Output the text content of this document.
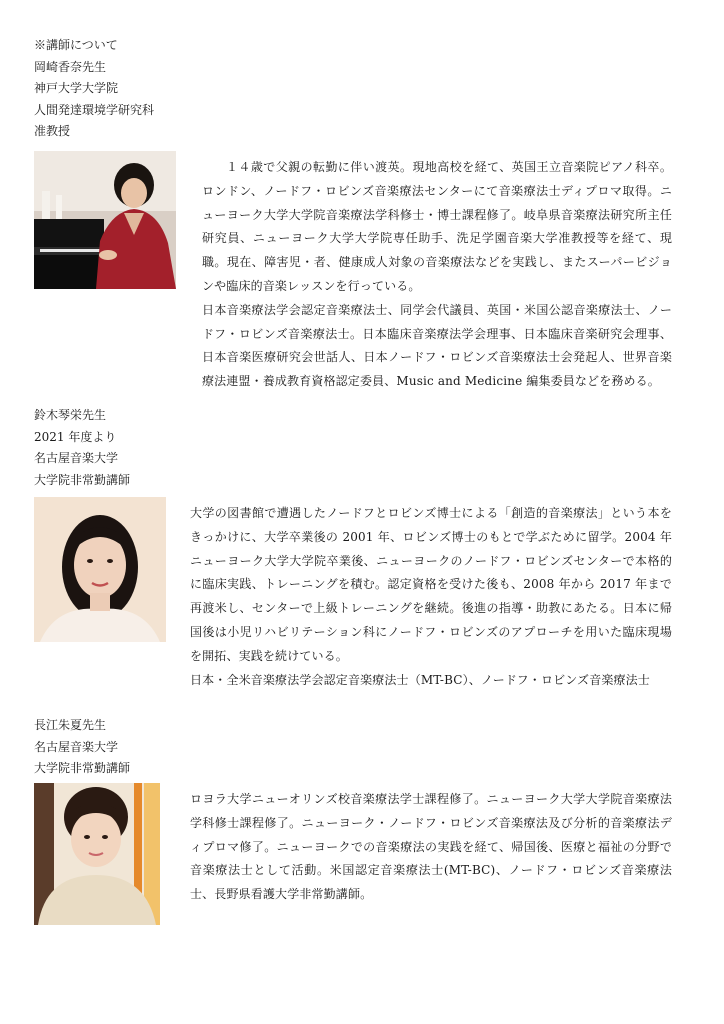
※講師について
岡崎香奈先生
神戸大学大学院
人間発達環境学研究科
准教授

１４歳で父親の転勤に伴い渡英。現地高校を経て、英国王立音楽院ピアノ科卒。ロンドン、ノードフ・ロビンズ音楽療法センターにて音楽療法士ディプロマ取得。ニューヨーク大学大学院音楽療法学科修士・博士課程修了。岐阜県音楽療法研究所主任研究員、ニューヨーク大学大学院専任助手、洗足学園音楽大学准教授等を経て、現職。現在、障害児・者、健康成人対象の音楽療法などを実践し、またスーパービジョンや臨床的音楽レッスンを行っている。

日本音楽療法学会認定音楽療法士、同学会代議員、英国・米国公認音楽療法士、ノードフ・ロビンズ音楽療法士。日本臨床音楽療法学会理事、日本臨床音楽研究会理事、日本音楽医療研究会世話人、日本ノードフ・ロビンズ音楽療法士会発起人、世界音楽療法連盟・養成教育資格認定委員、Music and Medicine 編集委員などを務める。

鈴木琴栄先生
2021 年度より
名古屋音楽大学
大学院非常勤講師

大学の図書館で遭遇したノードフとロビンズ博士による「創造的音楽療法」という本をきっかけに、大学卒業後の 2001 年、ロビンズ博士のもとで学ぶために留学。2004 年ニューヨーク大学大学院卒業後、ニューヨークのノードフ・ロビンズセンターで本格的に臨床実践、トレーニングを積む。認定資格を受けた後も、2008 年から 2017 年まで再渡米し、センターで上級トレーニングを継続。後進の指導・助教にあたる。日本に帰国後は小児リハビリテーション科にノードフ・ロビンズのアプローチを用いた臨床現場を開拓、実践を続けている。

日本・全米音楽療法学会認定音楽療法士（MT-BC）、ノードフ・ロビンズ音楽療法士

長江朱夏先生
名古屋音楽大学
大学院非常勤講師

ロヨラ大学ニューオリンズ校音楽療法学士課程修了。ニューヨーク大学大学院音楽療法学科修士課程修了。ニューヨーク・ノードフ・ロビンズ音楽療法及び分析的音楽療法ディプロマ修了。ニューヨークでの音楽療法の実践を経て、帰国後、医療と福祉の分野で音楽療法士として活動。米国認定音楽療法士(MT-BC)、ノードフ・ロビンズ音楽療法士、長野県看護大学非常勤講師。
